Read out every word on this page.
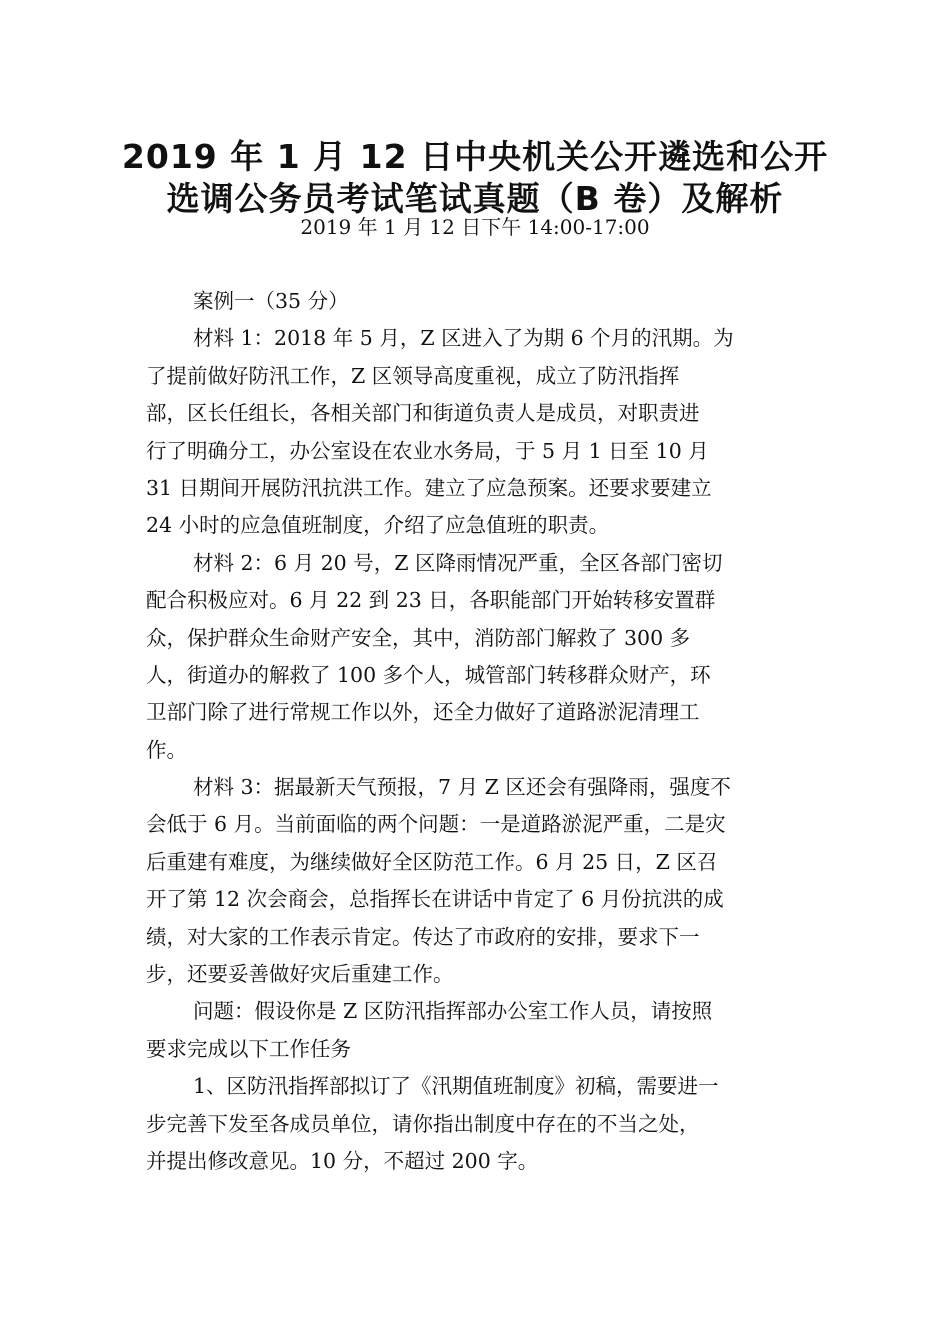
2019 年 1 月 12 日中央机关公开遴选和公开
选调公务员考试笔试真题（B 卷）及解析

2019 年 1 月 12 日下午 14:00-17:00

案例一（35 分）
材料 1：2018 年 5 月，Z 区进入了为期 6 个月的汛期。为
了提前做好防汛工作，Z 区领导高度重视，成立了防汛指挥
部，区长任组长，各相关部门和街道负责人是成员，对职责进
行了明确分工，办公室设在农业水务局，于 5 月 1 日至 10 月
31 日期间开展防汛抗洪工作。建立了应急预案。还要求要建立
24 小时的应急值班制度，介绍了应急值班的职责。
材料 2：6 月 20 号，Z 区降雨情况严重，全区各部门密切
配合积极应对。6 月 22 到 23 日，各职能部门开始转移安置群
众，保护群众生命财产安全，其中，消防部门解救了 300 多
人，街道办的解救了 100 多个人，城管部门转移群众财产，环
卫部门除了进行常规工作以外，还全力做好了道路淤泥清理工
作。
材料 3：据最新天气预报，7 月 Z 区还会有强降雨，强度不
会低于 6 月。当前面临的两个问题：一是道路淤泥严重，二是灾
后重建有难度，为继续做好全区防范工作。6 月 25 日，Z 区召
开了第 12 次会商会，总指挥长在讲话中肯定了 6 月份抗洪的成
绩，对大家的工作表示肯定。传达了市政府的安排，要求下一
步，还要妥善做好灾后重建工作。
问题：假设你是 Z 区防汛指挥部办公室工作人员，请按照
要求完成以下工作任务
1、区防汛指挥部拟订了《汛期值班制度》初稿，需要进一
步完善下发至各成员单位，请你指出制度中存在的不当之处，
并提出修改意见。10 分，不超过 200 字。
